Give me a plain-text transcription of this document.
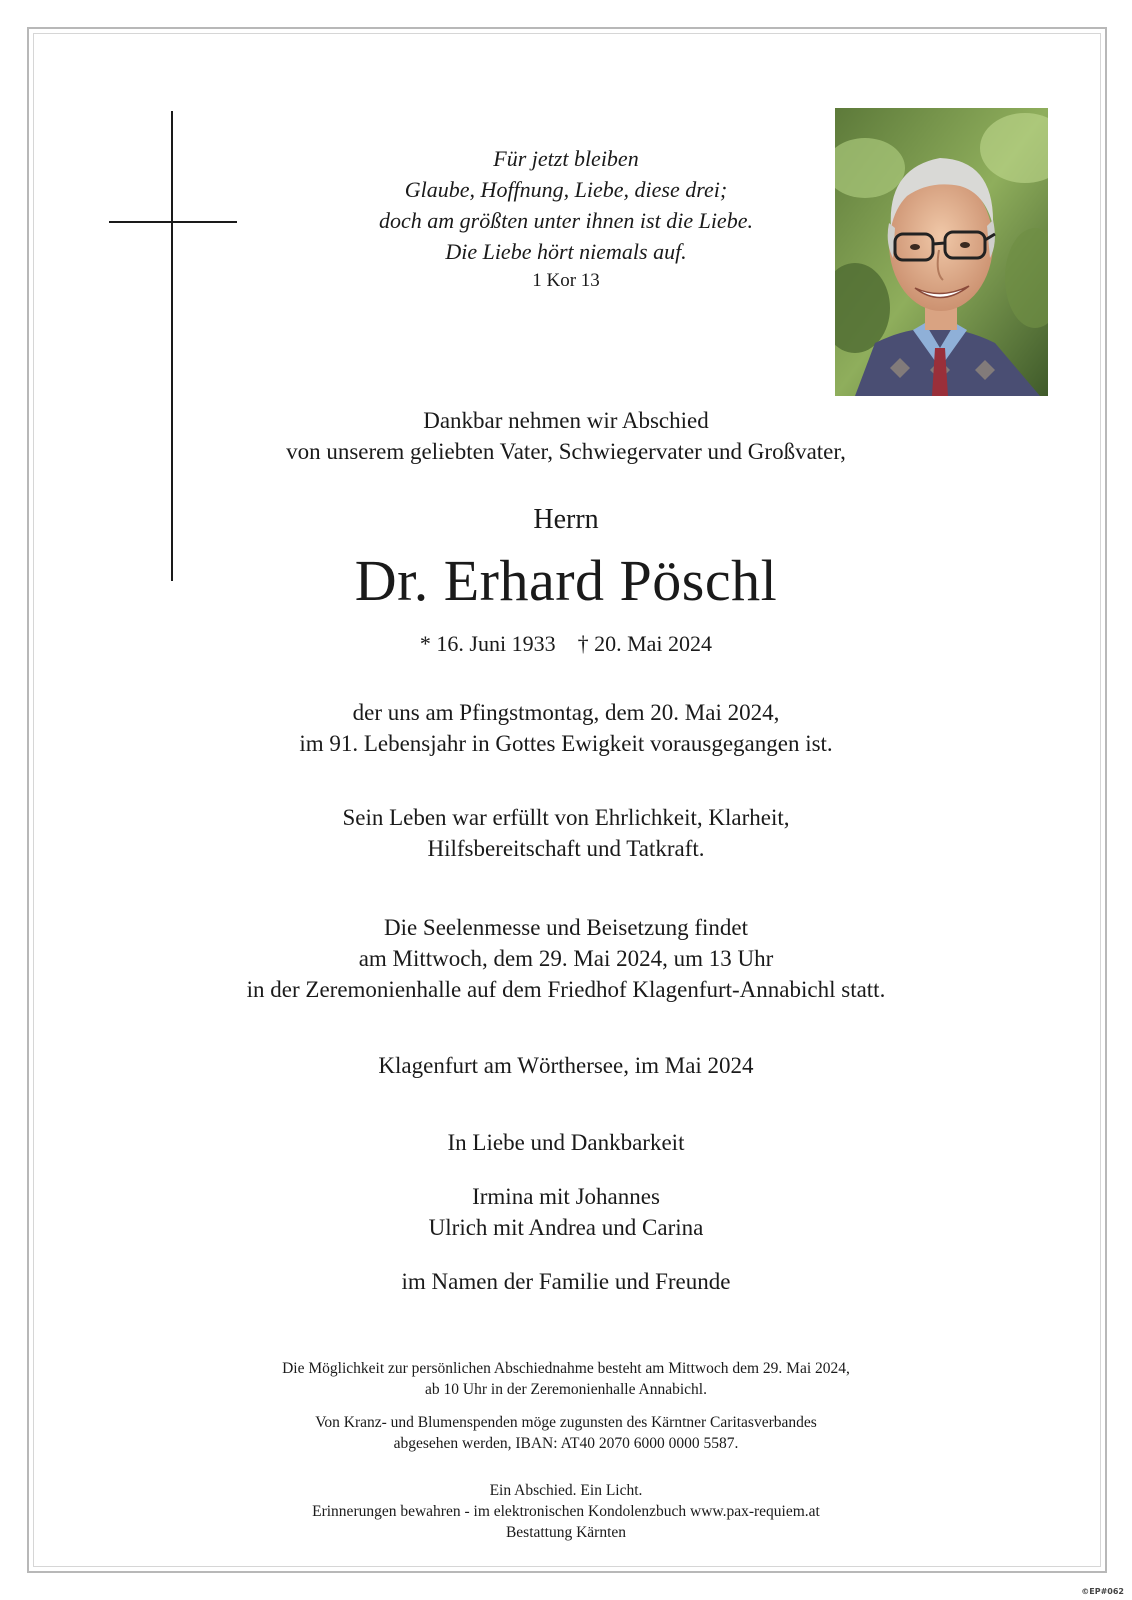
Für jetzt bleiben
Glaube, Hoffnung, Liebe, diese drei;
doch am größten unter ihnen ist die Liebe.
Die Liebe hört niemals auf.
1 Kor 13
Dankbar nehmen wir Abschied
von unserem geliebten Vater, Schwiegervater und Großvater,
Herrn
Dr. Erhard Pöschl
* 16. Juni 1933 † 20. Mai 2024
der uns am Pfingstmontag, dem 20. Mai 2024,
im 91. Lebensjahr in Gottes Ewigkeit vorausgegangen ist.
Sein Leben war erfüllt von Ehrlichkeit, Klarheit,
Hilfsbereitschaft und Tatkraft.
Die Seelenmesse und Beisetzung findet
am Mittwoch, dem 29. Mai 2024, um 13 Uhr
in der Zeremonienhalle auf dem Friedhof Klagenfurt-Annabichl statt.
Klagenfurt am Wörthersee, im Mai 2024
In Liebe und Dankbarkeit
Irmina mit Johannes
Ulrich mit Andrea und Carina
im Namen der Familie und Freunde
Die Möglichkeit zur persönlichen Abschiednahme besteht am Mittwoch dem 29. Mai 2024,
ab 10 Uhr in der Zeremonienhalle Annabichl.
Von Kranz- und Blumenspenden möge zugunsten des Kärntner Caritasverbandes
abgesehen werden, IBAN: AT40 2070 6000 0000 5587.
Ein Abschied. Ein Licht.
Erinnerungen bewahren - im elektronischen Kondolenzbuch www.pax-requiem.at
Bestattung Kärnten
©EP#062
